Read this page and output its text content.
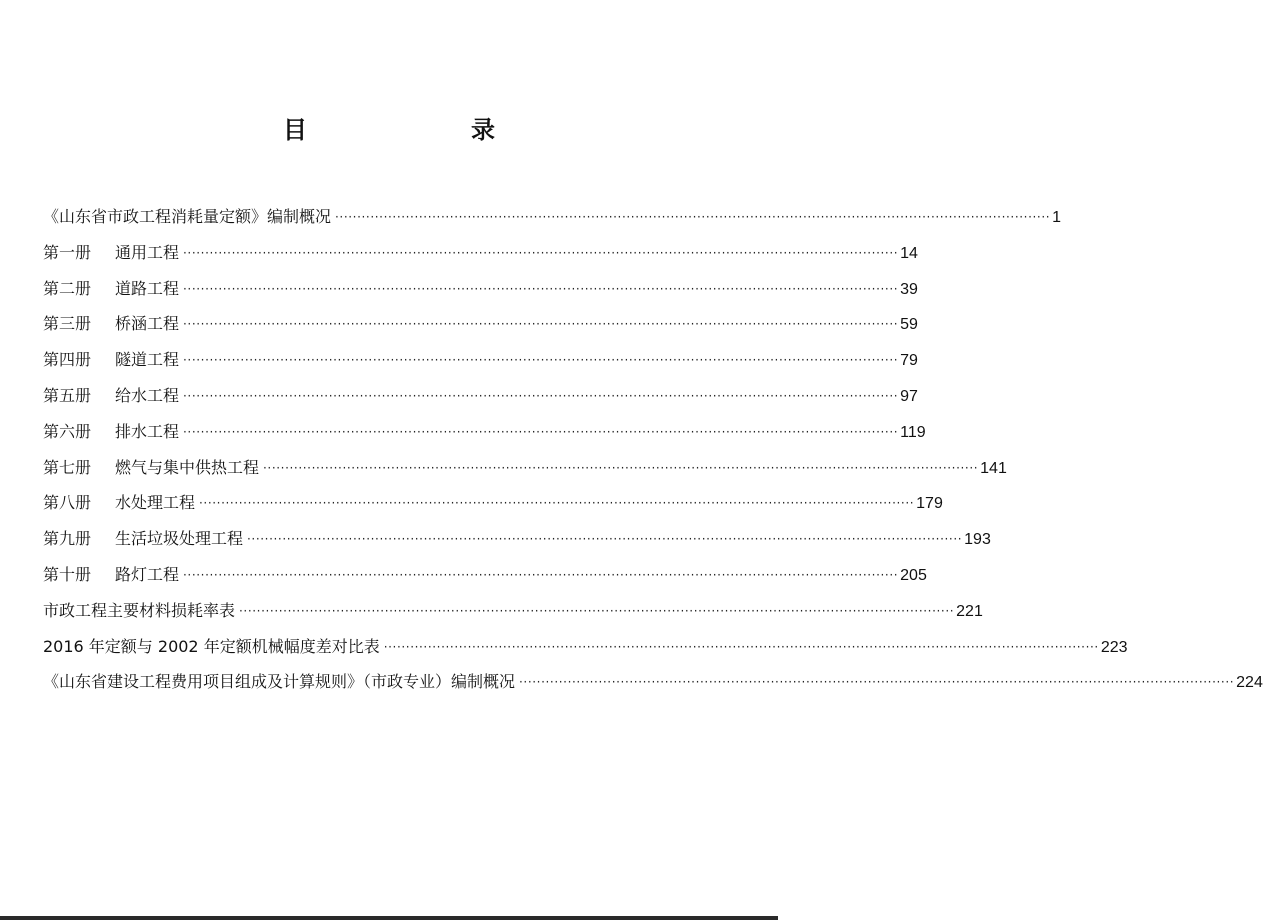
目　录
《山东省市政工程消耗量定额》编制概况 ·································································································································································· 1
第一册 通用工程 ·································································································································································· 14
第二册 道路工程 ·································································································································································· 39
第三册 桥涵工程 ·································································································································································· 59
第四册 隧道工程 ·································································································································································· 79
第五册 给水工程 ·································································································································································· 97
第六册 排水工程 ·································································································································································· 119
第七册 燃气与集中供热工程 ·································································································································································· 141
第八册 水处理工程 ·································································································································································· 179
第九册 生活垃圾处理工程 ·································································································································································· 193
第十册 路灯工程 ·································································································································································· 205
市政工程主要材料损耗率表 ·································································································································································· 221
2016 年定额与 2002 年定额机械幅度差对比表 ·································································································································································· 223
《山东省建设工程费用项目组成及计算规则》（市政专业）编制概况 ·································································································································································· 224
